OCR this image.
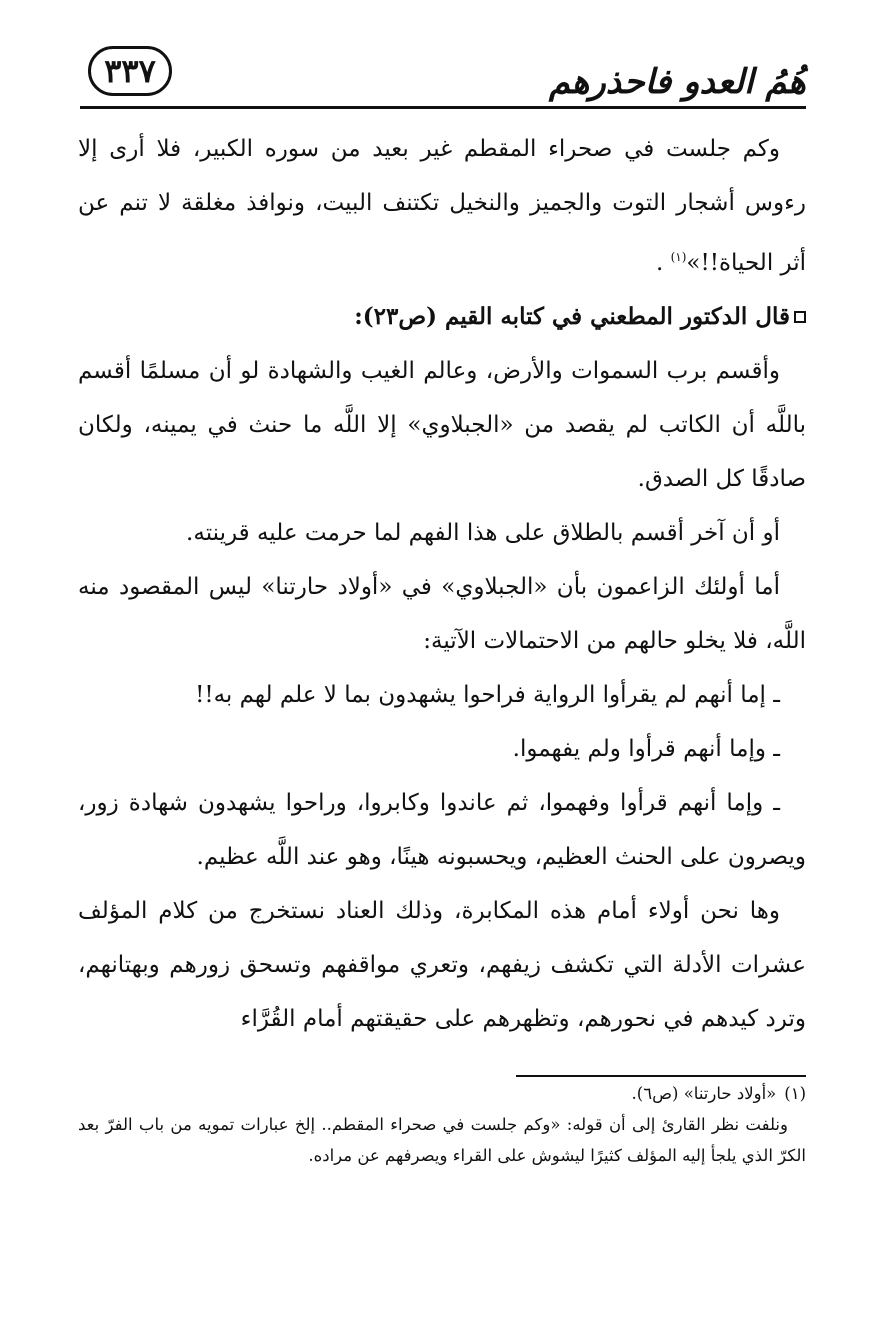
هُمُ العدو فاحذرهم
٣٣٧

وكم جلست في صحراء المقطم غير بعيد من سوره الكبير، فلا أرى إلا رءوس أشجار التوت والجميز والنخيل تكتنف البيت، ونوافذ مغلقة لا تنم عن أثر الحياة!!»$^{(١)}$ .

قال الدكتور المطعني في كتابه القيم (ص٢٣):

وأقسم برب السموات والأرض، وعالم الغيب والشهادة لو أن مسلمًا أقسم باللَّه أن الكاتب لم يقصد من «الجبلاوي» إلا اللَّه ما حنث في يمينه، ولكان صادقًا كل الصدق.

أو أن آخر أقسم بالطلاق على هذا الفهم لما حرمت عليه قرينته.

أما أولئك الزاعمون بأن «الجبلاوي» في «أولاد حارتنا» ليس المقصود منه اللَّه، فلا يخلو حالهم من الاحتمالات الآتية:

ـ إما أنهم لم يقرأوا الرواية فراحوا يشهدون بما لا علم لهم به!!

ـ وإما أنهم قرأوا ولم يفهموا.

ـ وإما أنهم قرأوا وفهموا، ثم عاندوا وكابروا، وراحوا يشهدون شهادة زور، ويصرون على الحنث العظيم، ويحسبونه هينًا، وهو عند اللَّه عظيم.

وها نحن أولاء أمام هذه المكابرة، وذلك العناد نستخرج من كلام المؤلف عشرات الأدلة التي تكشف زيفهم، وتعري مواقفهم وتسحق زورهم وبهتانهم، وترد كيدهم في نحورهم، وتظهرهم على حقيقتهم أمام القُرَّاء

(١)«أولاد حارتنا» (ص٦).

ونلفت نظر القارئ إلى أن قوله: «وكم جلست في صحراء المقطم.. إلخ عبارات تمويه من باب الفرّ بعد الكرّ الذي يلجأ إليه المؤلف كثيرًا ليشوش على القراء ويصرفهم عن مراده.
